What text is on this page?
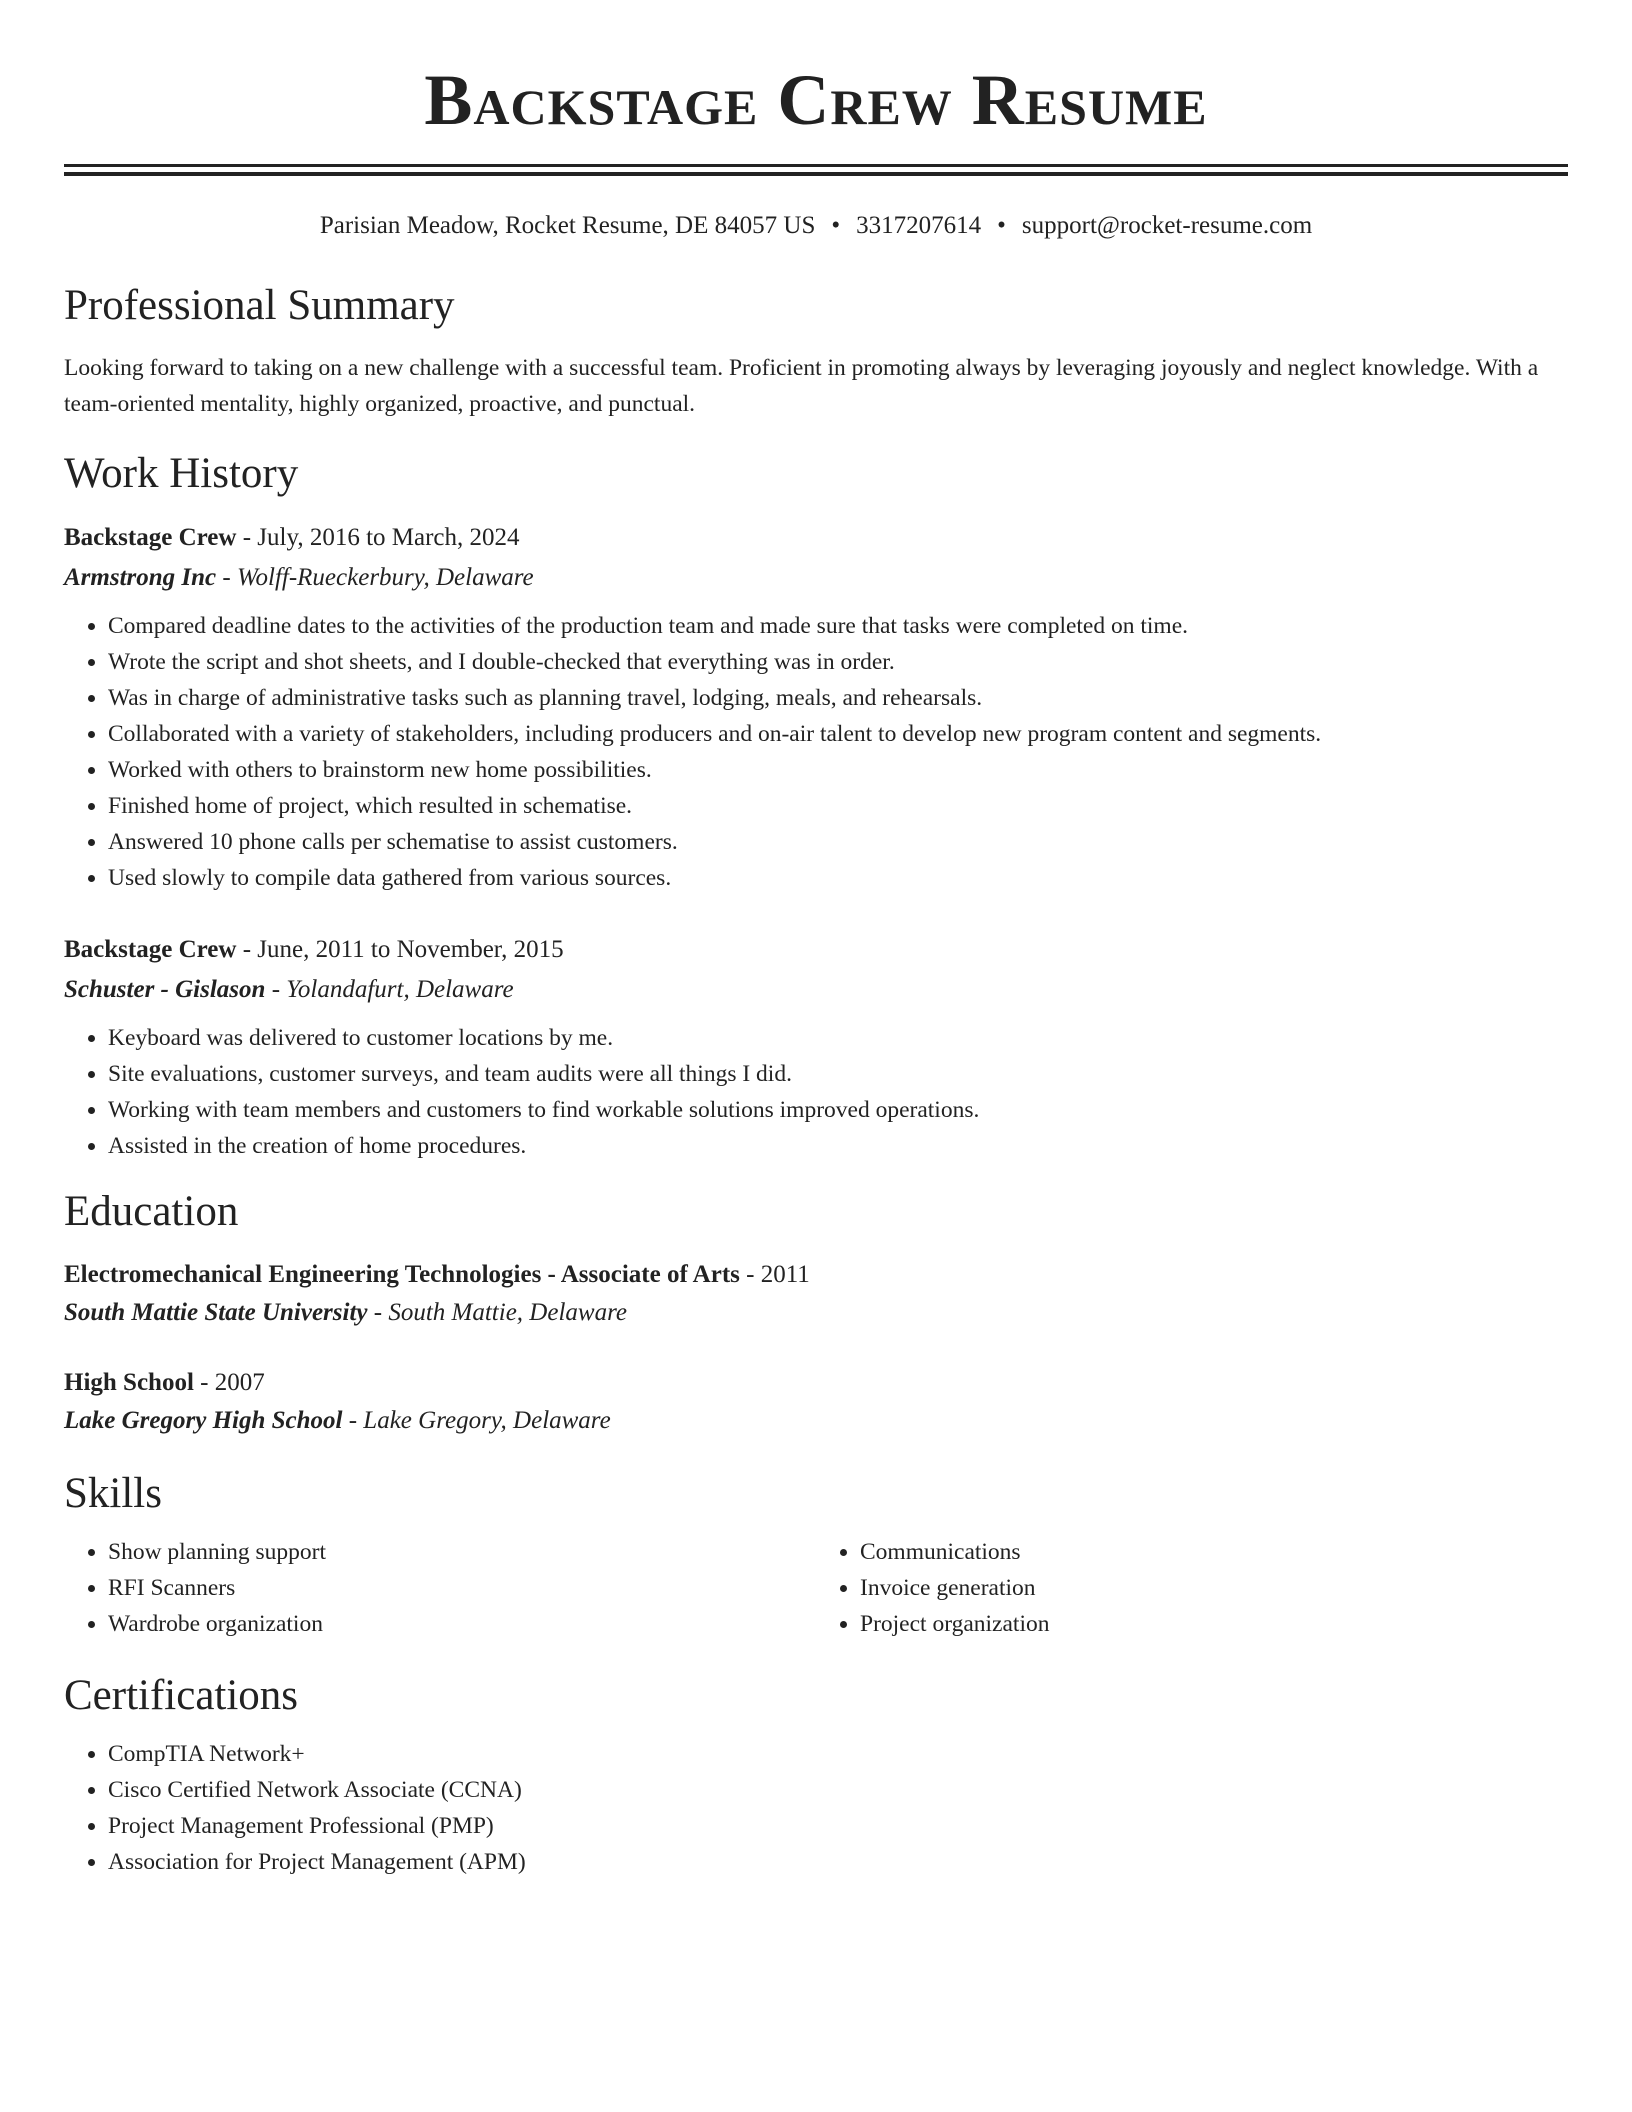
Backstage Crew Resume
Parisian Meadow, Rocket Resume, DE 84057 US • 3317207614 • support@rocket-resume.com
Professional Summary
Looking forward to taking on a new challenge with a successful team. Proficient in promoting always by leveraging joyously and neglect knowledge. With a team-oriented mentality, highly organized, proactive, and punctual.
Work History
Backstage Crew - July, 2016 to March, 2024
Armstrong Inc - Wolff-Rueckerbury, Delaware
• Compared deadline dates to the activities of the production team and made sure that tasks were completed on time.
• Wrote the script and shot sheets, and I double-checked that everything was in order.
• Was in charge of administrative tasks such as planning travel, lodging, meals, and rehearsals.
• Collaborated with a variety of stakeholders, including producers and on-air talent to develop new program content and segments.
• Worked with others to brainstorm new home possibilities.
• Finished home of project, which resulted in schematise.
• Answered 10 phone calls per schematise to assist customers.
• Used slowly to compile data gathered from various sources.
Backstage Crew - June, 2011 to November, 2015
Schuster - Gislason - Yolandafurt, Delaware
• Keyboard was delivered to customer locations by me.
• Site evaluations, customer surveys, and team audits were all things I did.
• Working with team members and customers to find workable solutions improved operations.
• Assisted in the creation of home procedures.
Education
Electromechanical Engineering Technologies - Associate of Arts - 2011
South Mattie State University - South Mattie, Delaware
High School - 2007
Lake Gregory High School - Lake Gregory, Delaware
Skills
• Show planning support
• RFI Scanners
• Wardrobe organization
• Communications
• Invoice generation
• Project organization
Certifications
• CompTIA Network+
• Cisco Certified Network Associate (CCNA)
• Project Management Professional (PMP)
• Association for Project Management (APM)
